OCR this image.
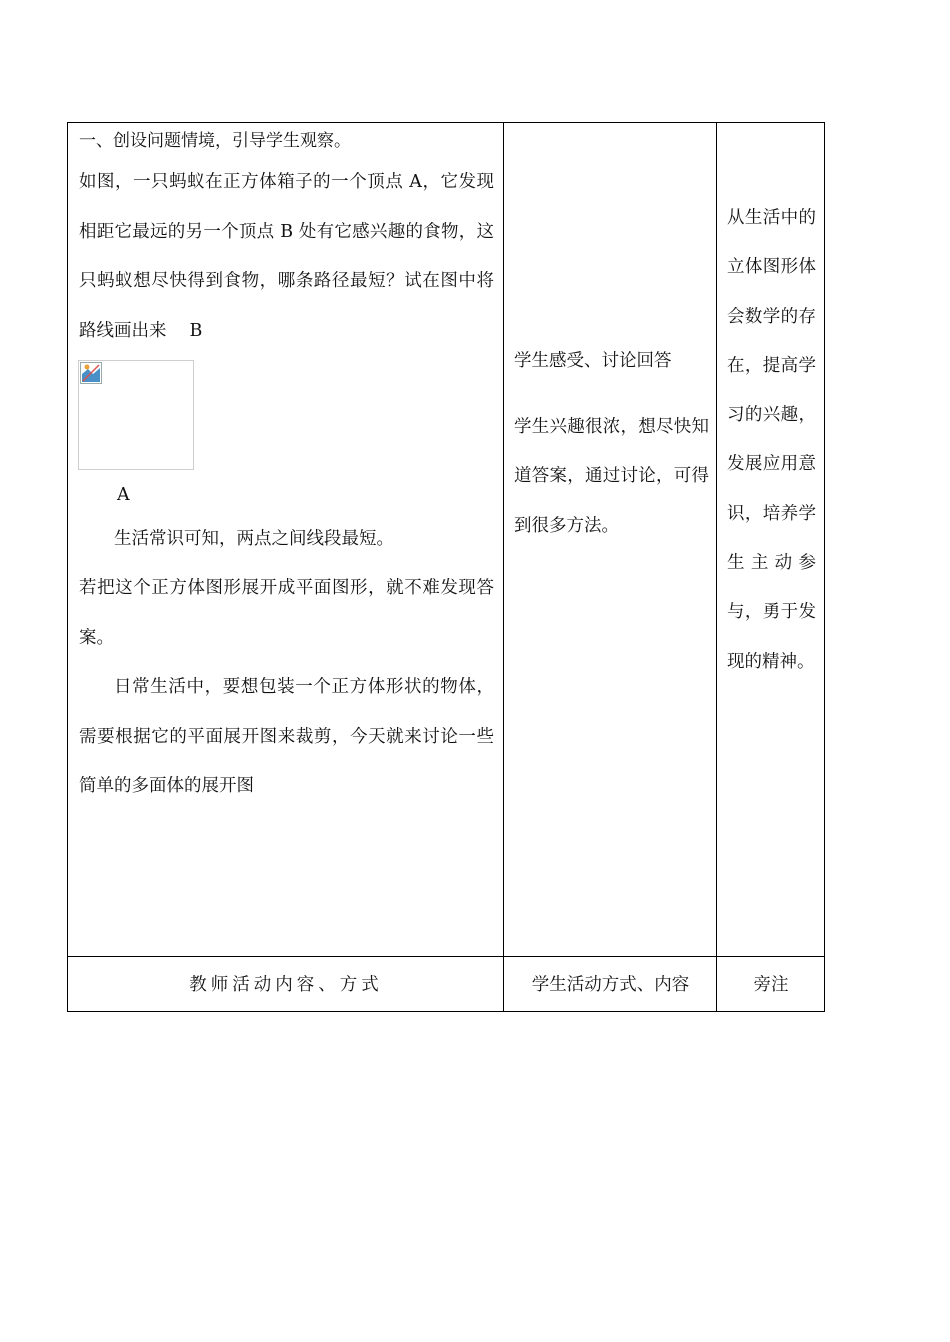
一、创设问题情境，引导学生观察。

如图，一只蚂蚁在正方体箱子的一个顶点 A，它发现相距它最远的另一个顶点 B 处有它感兴趣的食物，这只蚂蚁想尽快得到食物，哪条路径最短？试在图中将路线画出来　 B

A

生活常识可知，两点之间线段最短。

若把这个正方体图形展开成平面图形，就不难发现答案。

日常生活中，要想包装一个正方体形状的物体，需要根据它的平面展开图来裁剪，今天就来讨论一些简单的多面体的展开图

学生感受、讨论回答

学生兴趣很浓，想尽快知道答案，通过讨论，可得到很多方法。

从生活中的立体图形体会数学的存在，提高学习的兴趣，发展应用意识，培养学生主动参与，勇于发现的精神。

教师活动内容、方式	学生活动方式、内容	旁注
